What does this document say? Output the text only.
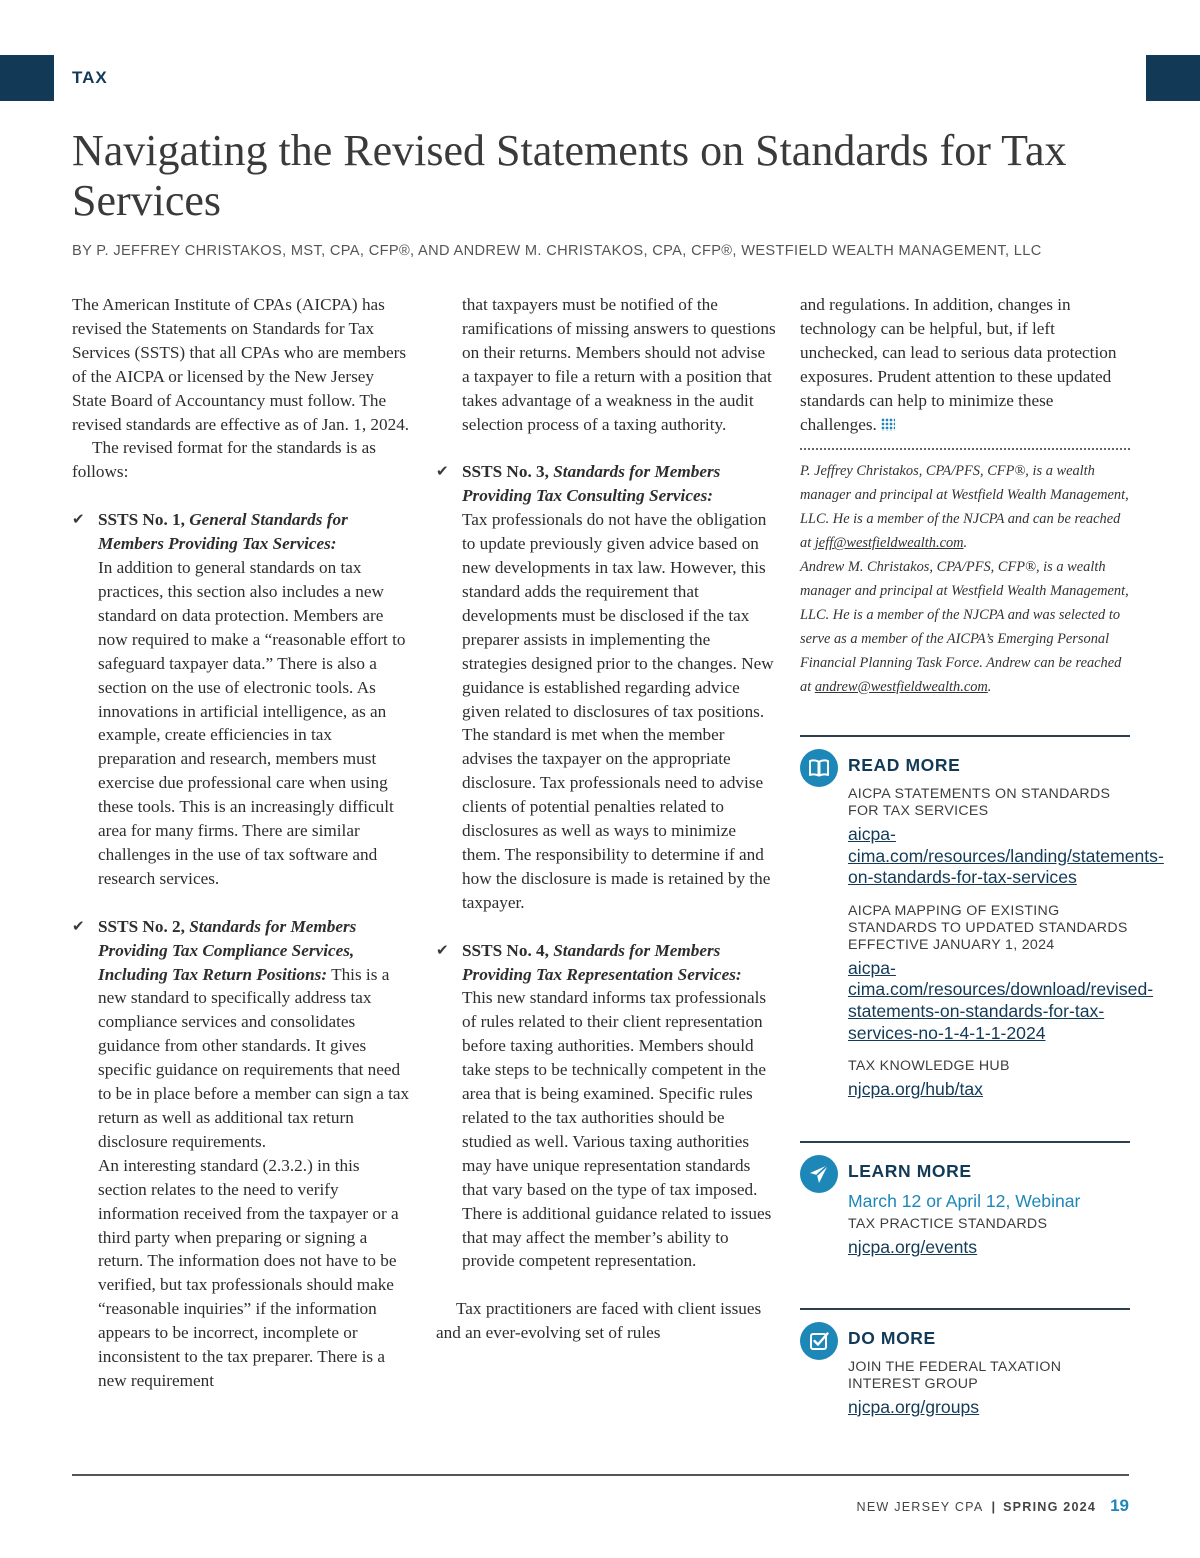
TAX
Navigating the Revised Statements on Standards for Tax Services
BY P. JEFFREY CHRISTAKOS, MST, CPA, CFP®, AND ANDREW M. CHRISTAKOS, CPA, CFP®, WESTFIELD WEALTH MANAGEMENT, LLC

The American Institute of CPAs (AICPA) has revised the Statements on Standards for Tax Services (SSTS) that all CPAs who are members of the AICPA or licensed by the New Jersey State Board of Accountancy must follow. The revised standards are effective as of Jan. 1, 2024.

The revised format for the standards is as follows:

✔ SSTS No. 1, General Standards for Members Providing Tax Services:

In addition to general standards on tax practices, this section also includes a new standard on data protection. Members are now required to make a “reasonable effort to safeguard taxpayer data.” There is also a section on the use of electronic tools. As innovations in artificial intelligence, as an example, create efficiencies in tax preparation and research, members must exercise due professional care when using these tools. This is an increasingly difficult area for many firms. There are similar challenges in the use of tax software and research services.

✔ SSTS No. 2, Standards for Members Providing Tax Compliance Services, Including Tax Return Positions: This is a new standard to specifically address tax compliance services and consolidates guidance from other standards. It gives specific guidance on requirements that need to be in place before a member can sign a tax return as well as additional tax return disclosure requirements.

An interesting standard (2.3.2.) in this section relates to the need to verify information received from the taxpayer or a third party when preparing or signing a return. The information does not have to be verified, but tax professionals should make “reasonable inquiries” if the information appears to be incorrect, incomplete or inconsistent to the tax preparer. There is a new requirement

that taxpayers must be notified of the ramifications of missing answers to questions on their returns. Members should not advise a taxpayer to file a return with a position that takes advantage of a weakness in the audit selection process of a taxing authority.

✔ SSTS No. 3, Standards for Members Providing Tax Consulting Services:

Tax professionals do not have the obligation to update previously given advice based on new developments in tax law. However, this standard adds the requirement that developments must be disclosed if the tax preparer assists in implementing the strategies designed prior to the changes. New guidance is established regarding advice given related to disclosures of tax positions. The standard is met when the member advises the taxpayer on the appropriate disclosure. Tax professionals need to advise clients of potential penalties related to disclosures as well as ways to minimize them. The responsibility to determine if and how the disclosure is made is retained by the taxpayer.

✔ SSTS No. 4, Standards for Members Providing Tax Representation Services: This new standard informs tax professionals of rules related to their client representation before taxing authorities. Members should take steps to be technically competent in the area that is being examined. Specific rules related to the tax authorities should be studied as well. Various taxing authorities may have unique representation standards that vary based on the type of tax imposed. There is additional guidance related to issues that may affect the member’s ability to provide competent representation.

Tax practitioners are faced with client issues and an ever-evolving set of rules

and regulations. In addition, changes in technology can be helpful, but, if left unchecked, can lead to serious data protection exposures. Prudent attention to these updated standards can help to minimize these challenges.

P. Jeffrey Christakos, CPA/PFS, CFP®, is a wealth manager and principal at Westfield Wealth Management, LLC. He is a member of the NJCPA and can be reached at jeff@westfieldwealth.com.

Andrew M. Christakos, CPA/PFS, CFP®, is a wealth manager and principal at Westfield Wealth Management, LLC. He is a member of the NJCPA and was selected to serve as a member of the AICPA’s Emerging Personal Financial Planning Task Force. Andrew can be reached at andrew@westfieldwealth.com.

READ MORE
AICPA STATEMENTS ON STANDARDS FOR TAX SERVICES
aicpa-cima.com/resources/landing/statements-on-standards-for-tax-services
AICPA MAPPING OF EXISTING STANDARDS TO UPDATED STANDARDS EFFECTIVE JANUARY 1, 2024
aicpa-cima.com/resources/download/revised-statements-on-standards-for-tax-services-no-1-4-1-1-2024
TAX KNOWLEDGE HUB
njcpa.org/hub/tax
LEARN MORE
March 12 or April 12, Webinar
TAX PRACTICE STANDARDS
njcpa.org/events
DO MORE
JOIN THE FEDERAL TAXATION INTEREST GROUP
njcpa.org/groups
NEW JERSEY CPA | SPRING 2024 19
